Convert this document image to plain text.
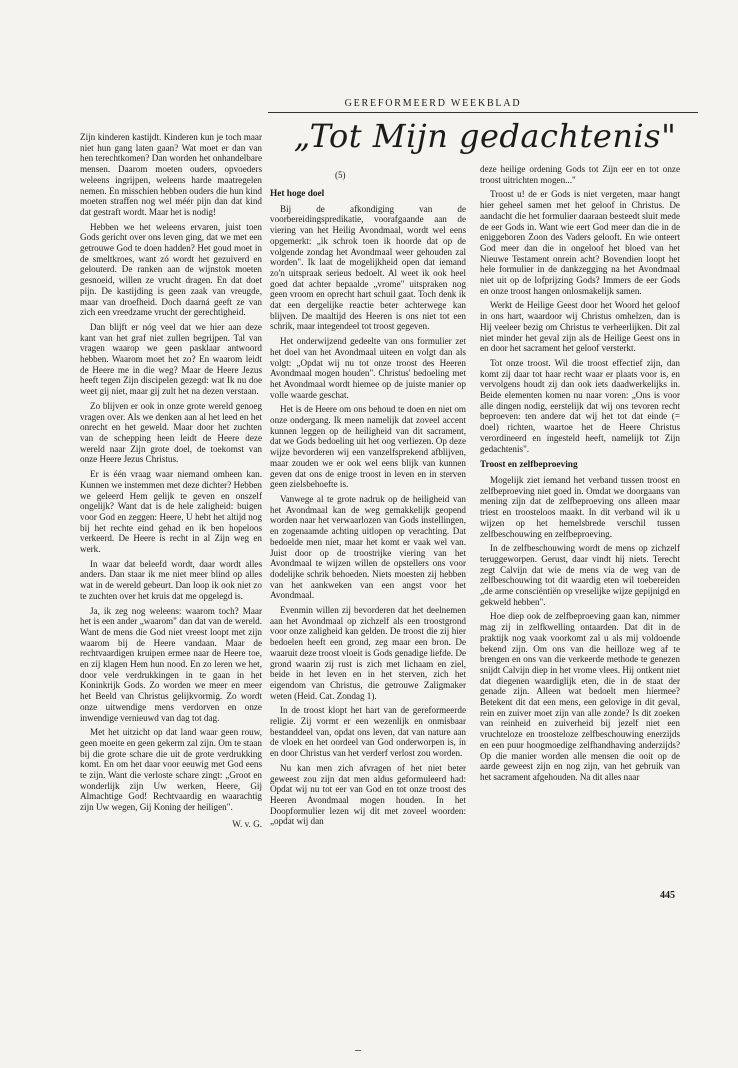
GEREFORMEERD WEEKBLAD
„Tot Mijn gedachtenis"
(5)

Zijn kinderen kastijdt. Kinderen kun je toch maar niet hun gang laten gaan? Wat moet er dan van hen terechtkomen? Dan worden het onhandelbare mensen. Daarom moeten ouders, opvoeders weleens ingrijpen, weleens harde maatregelen nemen. En misschien hebben ouders die hun kind moeten straffen nog wel méér pijn dan dat kind dat gestraft wordt. Maar het is nodig!

Hebben we het weleens ervaren, juist toen Gods gericht over ons leven ging, dat we met een getrouwe God te doen hadden? Het goud moet in de smeltkroes, want zó wordt het gezuiverd en gelouterd. De ranken aan de wijnstok moeten gesnoeid, willen ze vrucht dragen. En dat doet pijn. De kastijding is geen zaak van vreugde, maar van droefheid. Doch daarná geeft ze van zich een vreedzame vrucht der gerechtigheid.

Dan blijft er nóg veel dat we hier aan deze kant van het graf niet zullen begrijpen. Tal van vragen waarop we geen pasklaar antwoord hebben. Waarom moet het zo? En waarom leidt de Heere me in die weg? Maar de Heere Jezus heeft tegen Zijn discipelen gezegd: wat Ik nu doe weet gij niet, maar gij zult het na dezen verstaan.

Zo blijven er ook in onze grote wereld genoeg vragen over. Als we denken aan al het leed en het onrecht en het geweld. Maar door het zuchten van de schepping heen leidt de Heere deze wereld naar Zijn grote doel, de toekomst van onze Heere Jezus Christus.

Er is één vraag waar niemand omheen kan. Kunnen we instemmen met deze dichter? Hebben we geleerd Hem gelijk te geven en onszelf ongelijk? Want dat is de hele zaligheid: buigen voor God en zeggen: Heere, U hebt het altijd nog bij het rechte eind gehad en ik ben hopeloos verkeerd. De Heere is recht in al Zijn weg en werk.

In waar dat beleefd wordt, daar wordt alles anders. Dan staar ik me niet meer blind op alles wat in de wereld gebeurt. Dan loop ik ook niet zo te zuchten over het kruis dat me opgelegd is.

Ja, ik zeg nog weleens: waarom toch? Maar het is een ander „waarom" dan dat van de wereld. Want de mens die God niet vreest loopt met zijn waarom bij de Heere vandaan. Maar de rechtvaardigen kruipen ermee naar de Heere toe, en zij klagen Hem hun nood. En zo leren we het, door vele verdrukkingen in te gaan in het Koninkrijk Gods. Zo worden we meer en meer het Beeld van Christus gelijkvormig. Zo wordt onze uitwendige mens verdorven en onze inwendige vernieuwd van dag tot dag.

Met het uitzicht op dat land waar geen rouw, geen moeite en geen gekerm zal zijn. Om te staan bij die grote schare die uit de grote verdrukking komt. En om het daar voor eeuwig met God eens te zijn. Want die verloste schare zingt: „Groot en wonderlijk zijn Uw werken, Heere, Gij Almachtige God! Rechtvaardig en waarachtig zijn Uw wegen, Gij Koning der heiligen".

W. v. G.
Het hoge doel

Bij de afkondiging van de voorbereidingspredikatie, voorafgaande aan de viering van het Heilig Avondmaal, wordt wel eens opgemerkt: „ik schrok toen ik hoorde dat op de volgende zondag het Avondmaal weer gehouden zal worden". Ik laat de mogelijkheid open dat iemand zo'n uitspraak serieus bedoelt. Al weet ik ook heel goed dat achter bepaalde „vrome" uitspraken nog geen vroom en oprecht hart schuil gaat. Toch denk ik dat een dergelijke reactie beter achterwege kan blijven. De maaltijd des Heeren is ons niet tot een schrik, maar integendeel tot troost gegeven.

Het onderwijzend gedeelte van ons formulier zet het doel van het Avondmaal uiteen en volgt dan als volgt: „Opdat wij nu tot onze troost des Heeren Avondmaal mogen houden". Christus' bedoeling met het Avondmaal wordt hiemee op de juiste manier op volle waarde geschat.

Het is de Heere om ons behoud te doen en niet om onze ondergang. Ik meen namelijk dat zoveel accent kunnen leggen op de heiligheid van dit sacrament, dat we Gods bedoeling uit het oog verliezen. Op deze wijze bevorderen wij een vanzelfsprekend afblijven, maar zouden we er ook wel eens blijk van kunnen geven dat ons de enige troost in leven en in sterven geen zielsbehoefte is.

Vanwege al te grote nadruk op de heiligheid van het Avondmaal kan de weg gemakkelijk geopend worden naar het verwaarlozen van Gods instellingen, en zogenaamde achting uitlopen op verachting. Dat bedoelde men niet, maar het komt er vaak wel van. Juist door op de troostrijke viering van het Avondmaal te wijzen willen de opstellers ons voor dodelijke schrik behoeden. Niets moesten zij hebben van het aankweken van een angst voor het Avondmaal.

Evenmin willen zij bevorderen dat het deelnemen aan het Avondmaal op zichzelf als een troostgrond voor onze zaligheid kan gelden. De troost die zij hier bedoelen heeft een grond, zeg maar een bron. De waaruit deze troost vloeit is Gods genadige liefde. De grond waarin zij rust is zich met lichaam en ziel, beide in het leven en in het sterven, zich het eigendom van Christus, die getrouwe Zaligmaker weten (Heid. Cat. Zondag 1).

In de troost klopt het hart van de gereformeerde religie. Zij vormt er een wezenlijk en onmisbaar bestanddeel van, opdat ons leven, dat van nature aan de vloek en het oordeel van God onderworpen is, in en door Christus van het verderf verlost zou worden.

Nu kan men zich afvragen of het niet beter geweest zou zijn dat men aldus geformuleerd had: Opdat wij nu tot eer van God en tot onze troost des Heeren Avondmaal mogen houden. In het Doopformulier lezen wij dit met zoveel woorden: „opdat wij dan

deze heilige ordening Gods tot Zijn eer en tot onze troost uitrichten mogen..."

Troost u! de er Gods is niet vergeten, maar hangt hier geheel samen met het geloof in Christus. De aandacht die het formulier daaraan besteedt sluit mede de eer Gods in. Want wie eert God meer dan die in de eniggeboren Zoon des Vaders gelooft. En wie onteert God meer dan die in ongeloof het bloed van het Nieuwe Testament onrein acht? Bovendien loopt het hele formulier in de dankzegging na het Avondmaal niet uit op de lofprijzing Gods? Immers de eer Gods en onze troost hangen onlosmakelijk samen.

Werkt de Heilige Geest door het Woord het geloof in ons hart, waardoor wij Christus omhelzen, dan is Hij veeleer bezig om Christus te verheerlijken. Dit zal niet minder het geval zijn als de Heilige Geest ons in en door het sacrament het geloof versterkt.

Tot onze troost. Wil die troost effectief zijn, dan komt zij daar tot haar recht waar er plaats voor is, en vervolgens houdt zij dan ook iets daadwerkelijks in. Beide elementen komen nu naar voren: „Ons is voor alle dingen nodig, eerstelijk dat wij ons tevoren recht beproeven: ten andere dat wij het tot dat einde (= doel) richten, waartoe het de Heere Christus verordineerd en ingesteld heeft, namelijk tot Zijn gedachtenis".

Troost en zelfbeproeving

Mogelijk ziet iemand het verband tussen troost en zelfbeproeving niet goed in. Omdat we doorgaans van mening zijn dat de zelfbeproeving ons alleen maar triest en troosteloos maakt. In dit verband wil ik u wijzen op het hemelsbrede verschil tussen zelfbeschouwing en zelfbeproeving.

In de zelfbeschouwing wordt de mens op zichzelf teruggeworpen. Gerust, daar vindt hij niets. Terecht zegt Calvijn dat wie de mens via de weg van de zelfbeschouwing tot dit waardig eten wil toebereiden „de arme consciëntiën op vreselijke wijze gepijnigd en gekweld hebben".

Hoe diep ook de zelfbeproeving gaan kan, nimmer mag zij in zelfkwelling ontaarden. Dat dit in de praktijk nog vaak voorkomt zal u als mij voldoende bekend zijn. Om ons van die heilloze weg af te brengen en ons van die verkeerde methode te genezen snijdt Calvijn diep in het vrome vlees. Hij ontkent niet dat diegenen waardiglijk eten, die in de staat der genade zijn. Alleen wat bedoelt men hiermee? Betekent dit dat een mens, een gelovige in dit geval, rein en zuiver moet zijn van alle zonde? Is dit zoeken van reinheid en zuiverheid bij jezelf niet een vruchteloze en troosteloze zelfbeschouwing enerzijds en een puur hoogmoedige zelfhandhaving anderzijds? Op die manier worden alle mensen die ooit op de aarde geweest zijn en nog zijn, van het gebruik van het sacrament afgehouden. Na dit alles naar

445
